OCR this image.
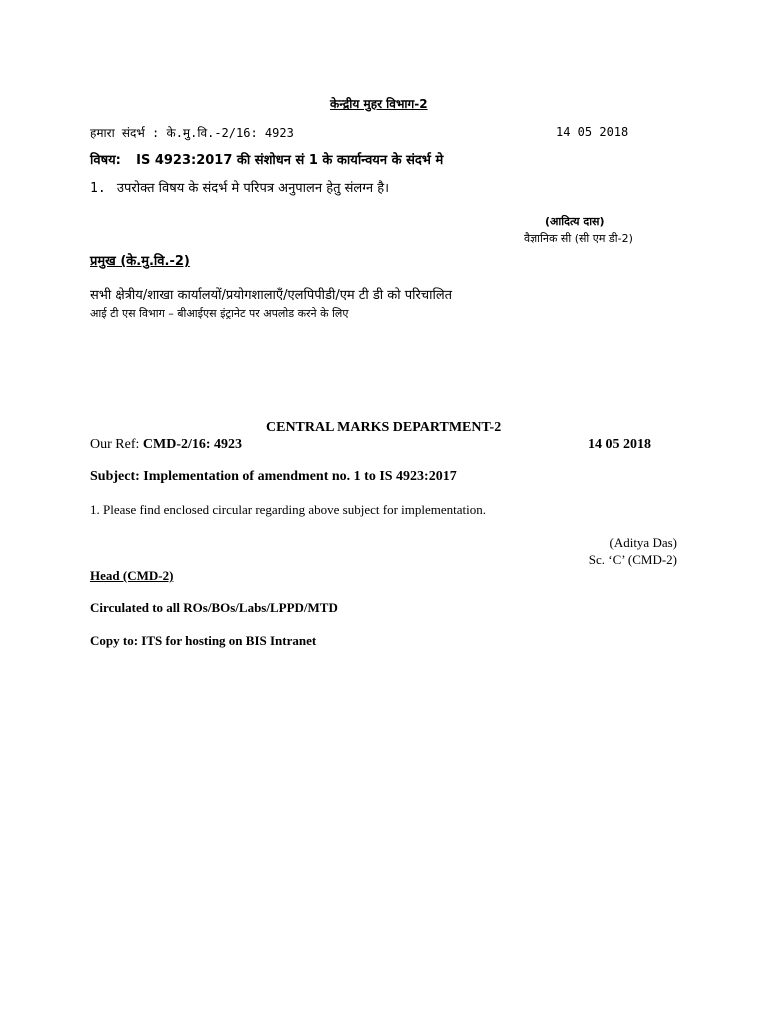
केन्द्रीय मुहर विभाग-2
हमारा संदर्भ : के.मु.वि.-2/16: 4923	14 05 2018
विषय: IS 4923:2017 की संशोधन सं 1 के कार्यान्वयन के संदर्भ मे
1. उपरोक्त विषय के संदर्भ मे परिपत्र अनुपालन हेतु संलग्न है।
(आदित्य दास)
वैज्ञानिक सी (सी एम डी-2)
प्रमुख (के.मु.वि.-2)
सभी क्षेत्रीय/शाखा कार्यालयों/प्रयोगशालाएँ/एलपिपीडी/एम टी डी को परिचालित
आई टी एस विभाग – बीआईएस इंट्रानेट पर अपलोड करने के लिए
CENTRAL MARKS DEPARTMENT-2
Our Ref: CMD-2/16: 4923	14 05 2018
Subject: Implementation of amendment no. 1 to IS 4923:2017
1. Please find enclosed circular regarding above subject for implementation.
(Aditya Das)
Sc. ‘C’ (CMD-2)
Head (CMD-2)
Circulated to all ROs/BOs/Labs/LPPD/MTD
Copy to: ITS for hosting on BIS Intranet
